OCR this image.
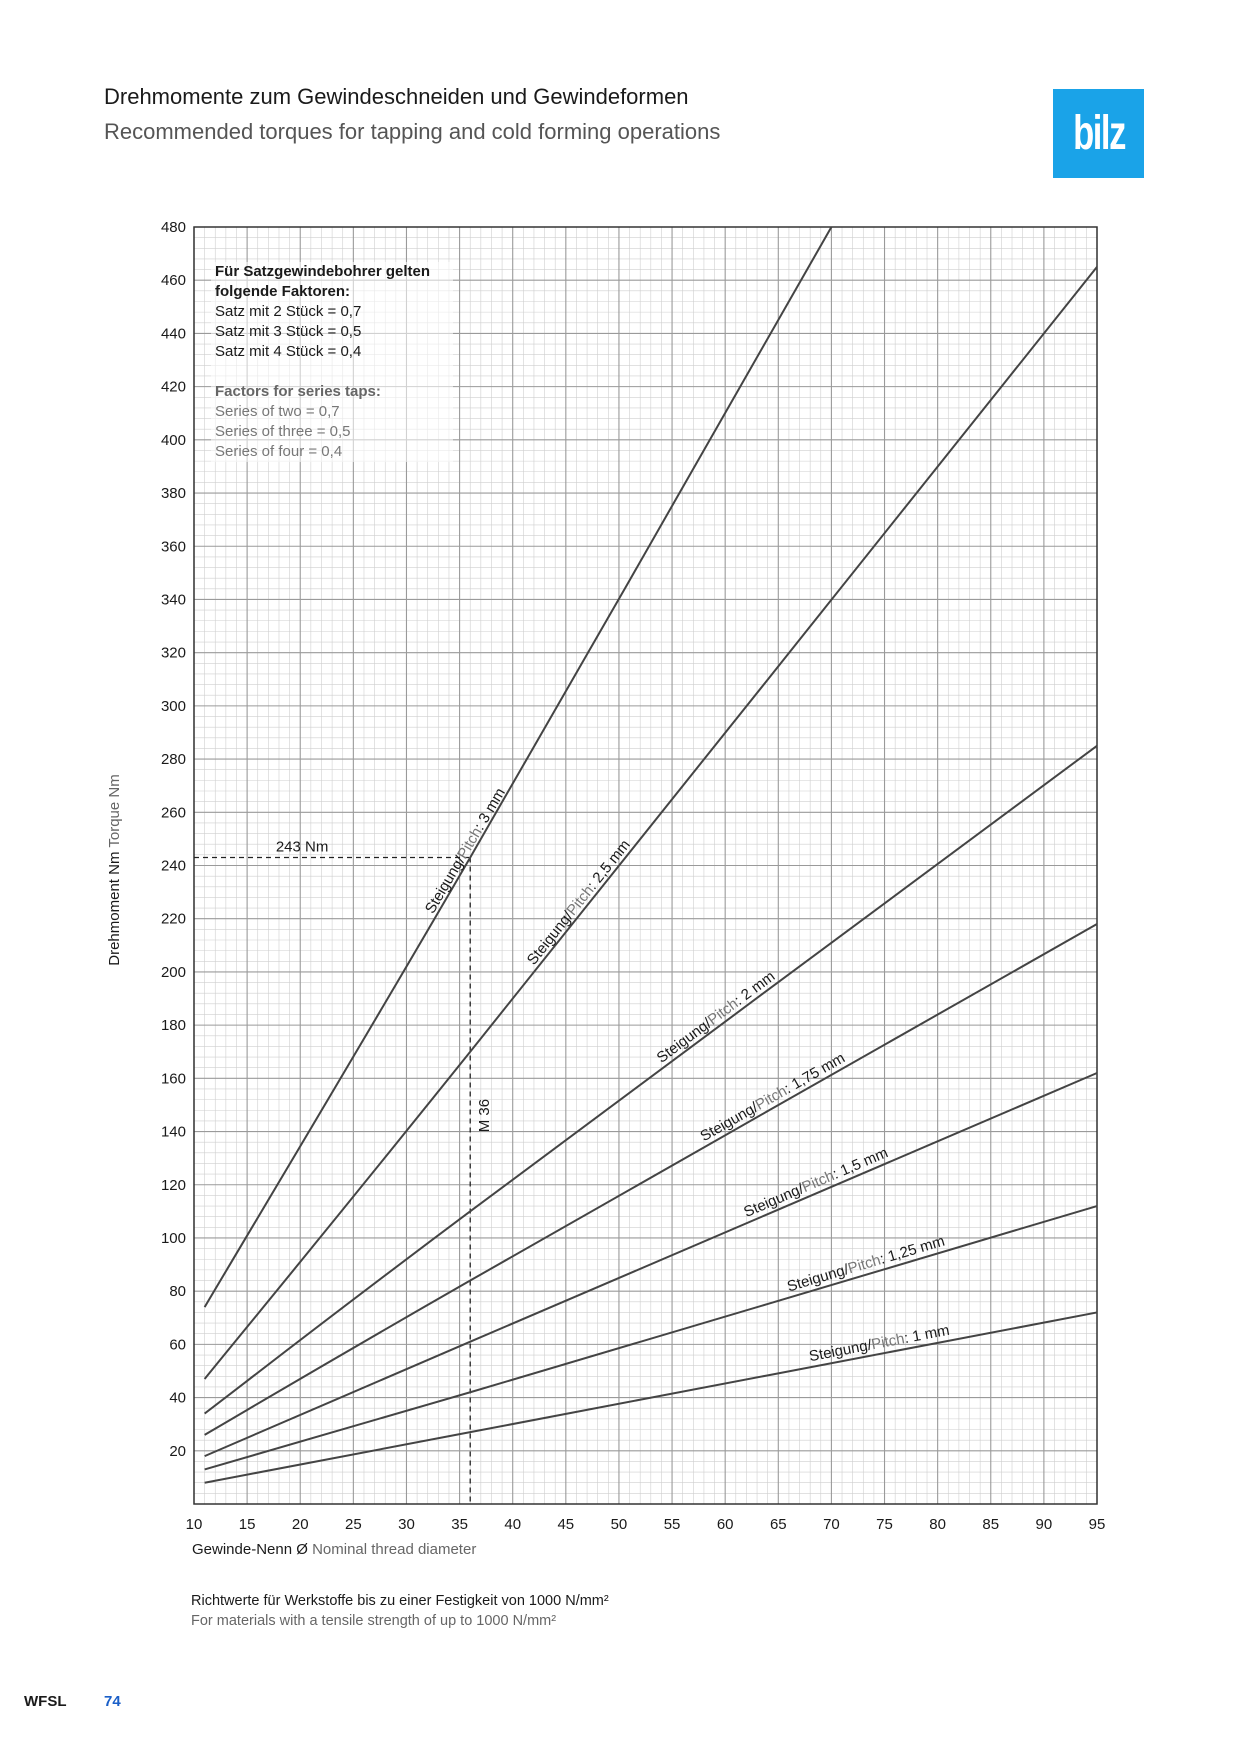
Drehmomente zum Gewindeschneiden und Gewindeformen
Recommended torques for tapping and cold forming operations	bilz
20
40
60
80
100
120
140
160
180
200
220
240
260
280
300
320
340
360
380
400
420
440
460
480
10 15 20 25 30 35 40 45 50 55 60 65 70 75 80 85 90 95
243 Nm
M 36
Steigung/Pitch: 3 mm
Steigung/Pitch: 2,5 mm
Steigung/Pitch: 2 mm
Steigung/Pitch: 1,75 mm
Steigung/Pitch: 1,5 mm
Steigung/Pitch: 1,25 mm
Steigung/Pitch: 1 mm
Für Satzgewindebohrer gelten
folgende Faktoren:
Satz mit 2 Stück = 0,7
Satz mit 3 Stück = 0,5
Satz mit 4 Stück = 0,4
Factors for series taps:
Series of two = 0,7
Series of three = 0,5
Series of four = 0,4
Drehmoment Nm Torque Nm
Gewinde-Nenn Ø Nominal thread diameter
Richtwerte für Werkstoffe bis zu einer Festigkeit von 1000 N/mm²
For materials with a tensile strength of up to 1000 N/mm²
WFSL	74
